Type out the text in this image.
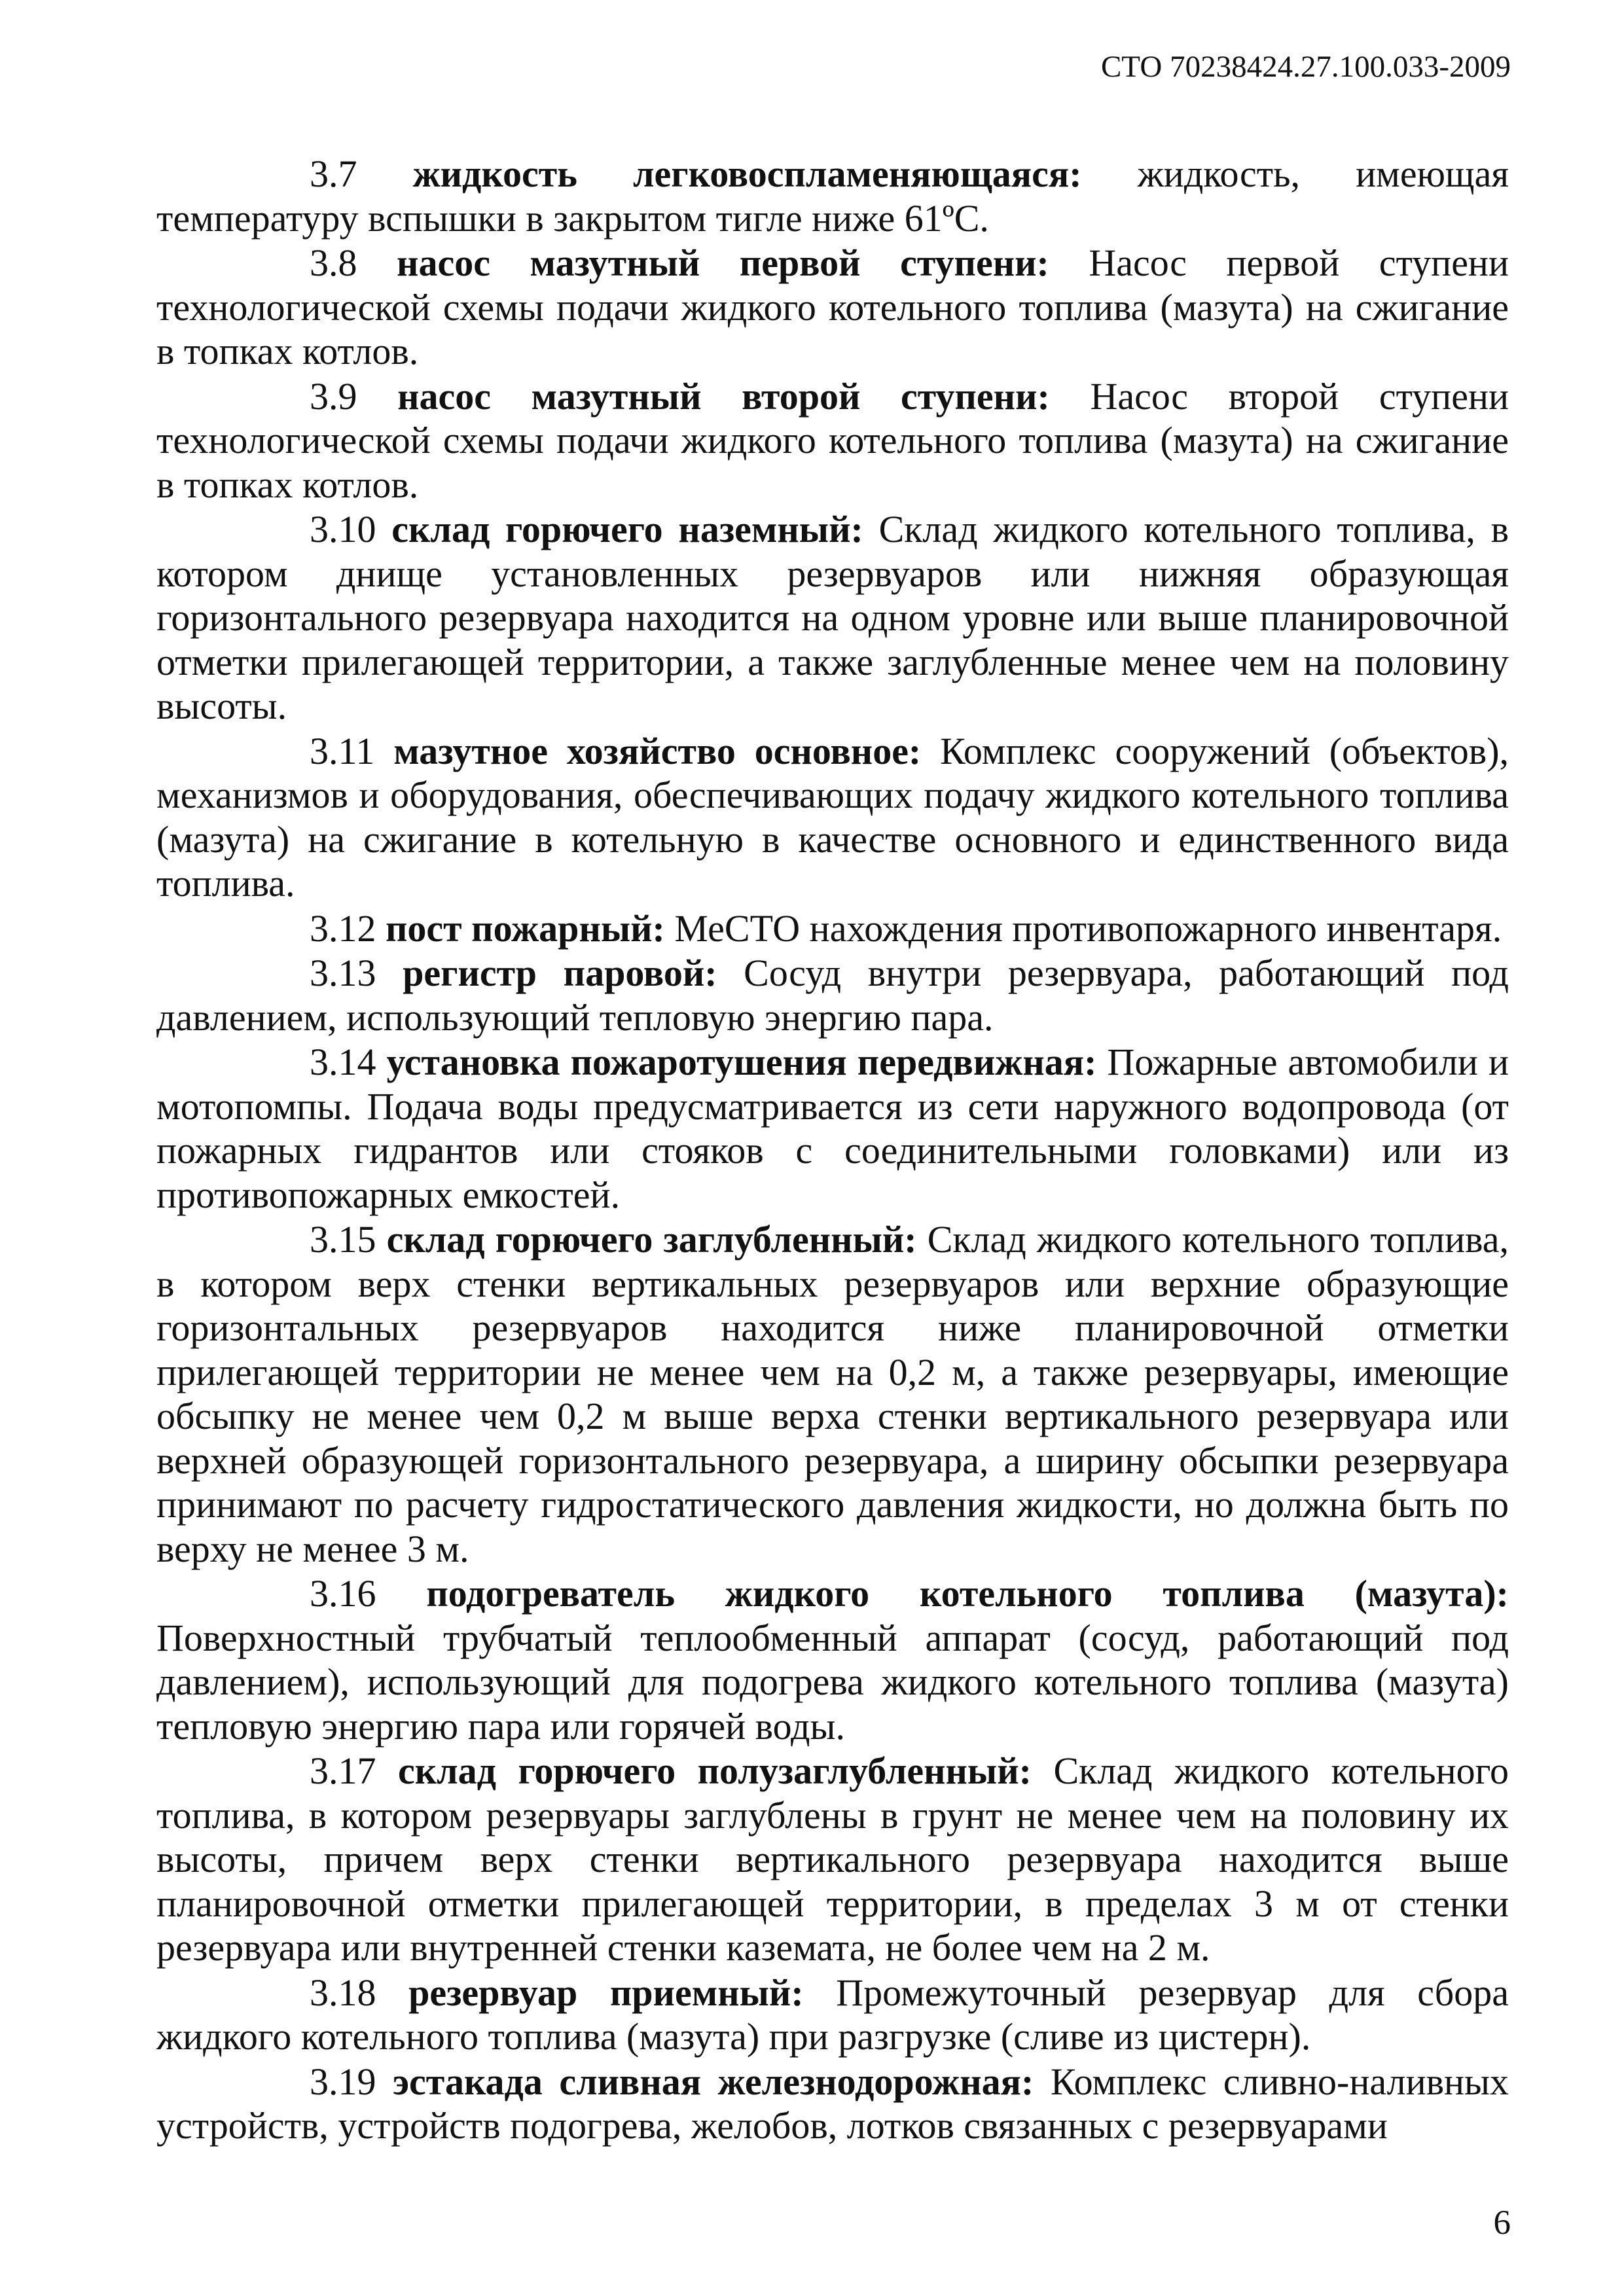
СТО 70238424.27.100.033-2009

3.7 жидкость легковоспламеняющаяся: жидкость, имеющая температуру вспышки в закрытом тигле ниже 61ºС.

3.8 насос мазутный первой ступени: Насос первой ступени технологической схемы подачи жидкого котельного топлива (мазута) на сжигание в топках котлов.

3.9 насос мазутный второй ступени: Насос второй ступени технологической схемы подачи жидкого котельного топлива (мазута) на сжигание в топках котлов.

3.10 склад горючего наземный: Склад жидкого котельного топлива, в котором днище установленных резервуаров или нижняя образующая горизонтального резервуара находится на одном уровне или выше планировочной отметки прилегающей территории, а также заглубленные менее чем на половину высоты.

3.11 мазутное хозяйство основное: Комплекс сооружений (объектов), механизмов и оборудования, обеспечивающих подачу жидкого котельного топлива (мазута) на сжигание в котельную в качестве основного и единственного вида топлива.

3.12 пост пожарный: МеСТО нахождения противопожарного инвентаря.

3.13 регистр паровой: Сосуд внутри резервуара, работающий под давлением, использующий тепловую энергию пара.

3.14 установка пожаротушения передвижная: Пожарные автомобили и мотопомпы. Подача воды предусматривается из сети наружного водопровода (от пожарных гидрантов или стояков с соединительными головками) или из противопожарных емкостей.

3.15 склад горючего заглубленный: Склад жидкого котельного топлива, в котором верх стенки вертикальных резервуаров или верхние образующие горизонтальных резервуаров находится ниже планировочной отметки прилегающей территории не менее чем на 0,2 м, а также резервуары, имеющие обсыпку не менее чем 0,2 м выше верха стенки вертикального резервуара или верхней образующей горизонтального резервуара, а ширину обсыпки резервуара принимают по расчету гидростатического давления жидкости, но должна быть по верху не менее 3 м.

3.16 подогреватель жидкого котельного топлива (мазута): Поверхностный трубчатый теплообменный аппарат (сосуд, работающий под давлением), использующий для подогрева жидкого котельного топлива (мазута) тепловую энергию пара или горячей воды.

3.17 склад горючего полузаглубленный: Склад жидкого котельного топлива, в котором резервуары заглублены в грунт не менее чем на половину их высоты, причем верх стенки вертикального резервуара находится выше планировочной отметки прилегающей территории, в пределах 3 м от стенки резервуара или внутренней стенки каземата, не более чем на 2 м.

3.18 резервуар приемный: Промежуточный резервуар для сбора жидкого котельного топлива (мазута) при разгрузке (сливе из цистерн).

3.19 эстакада сливная железнодорожная: Комплекс сливно-наливных устройств, устройств подогрева, желобов, лотков связанных с резервуарами

6
